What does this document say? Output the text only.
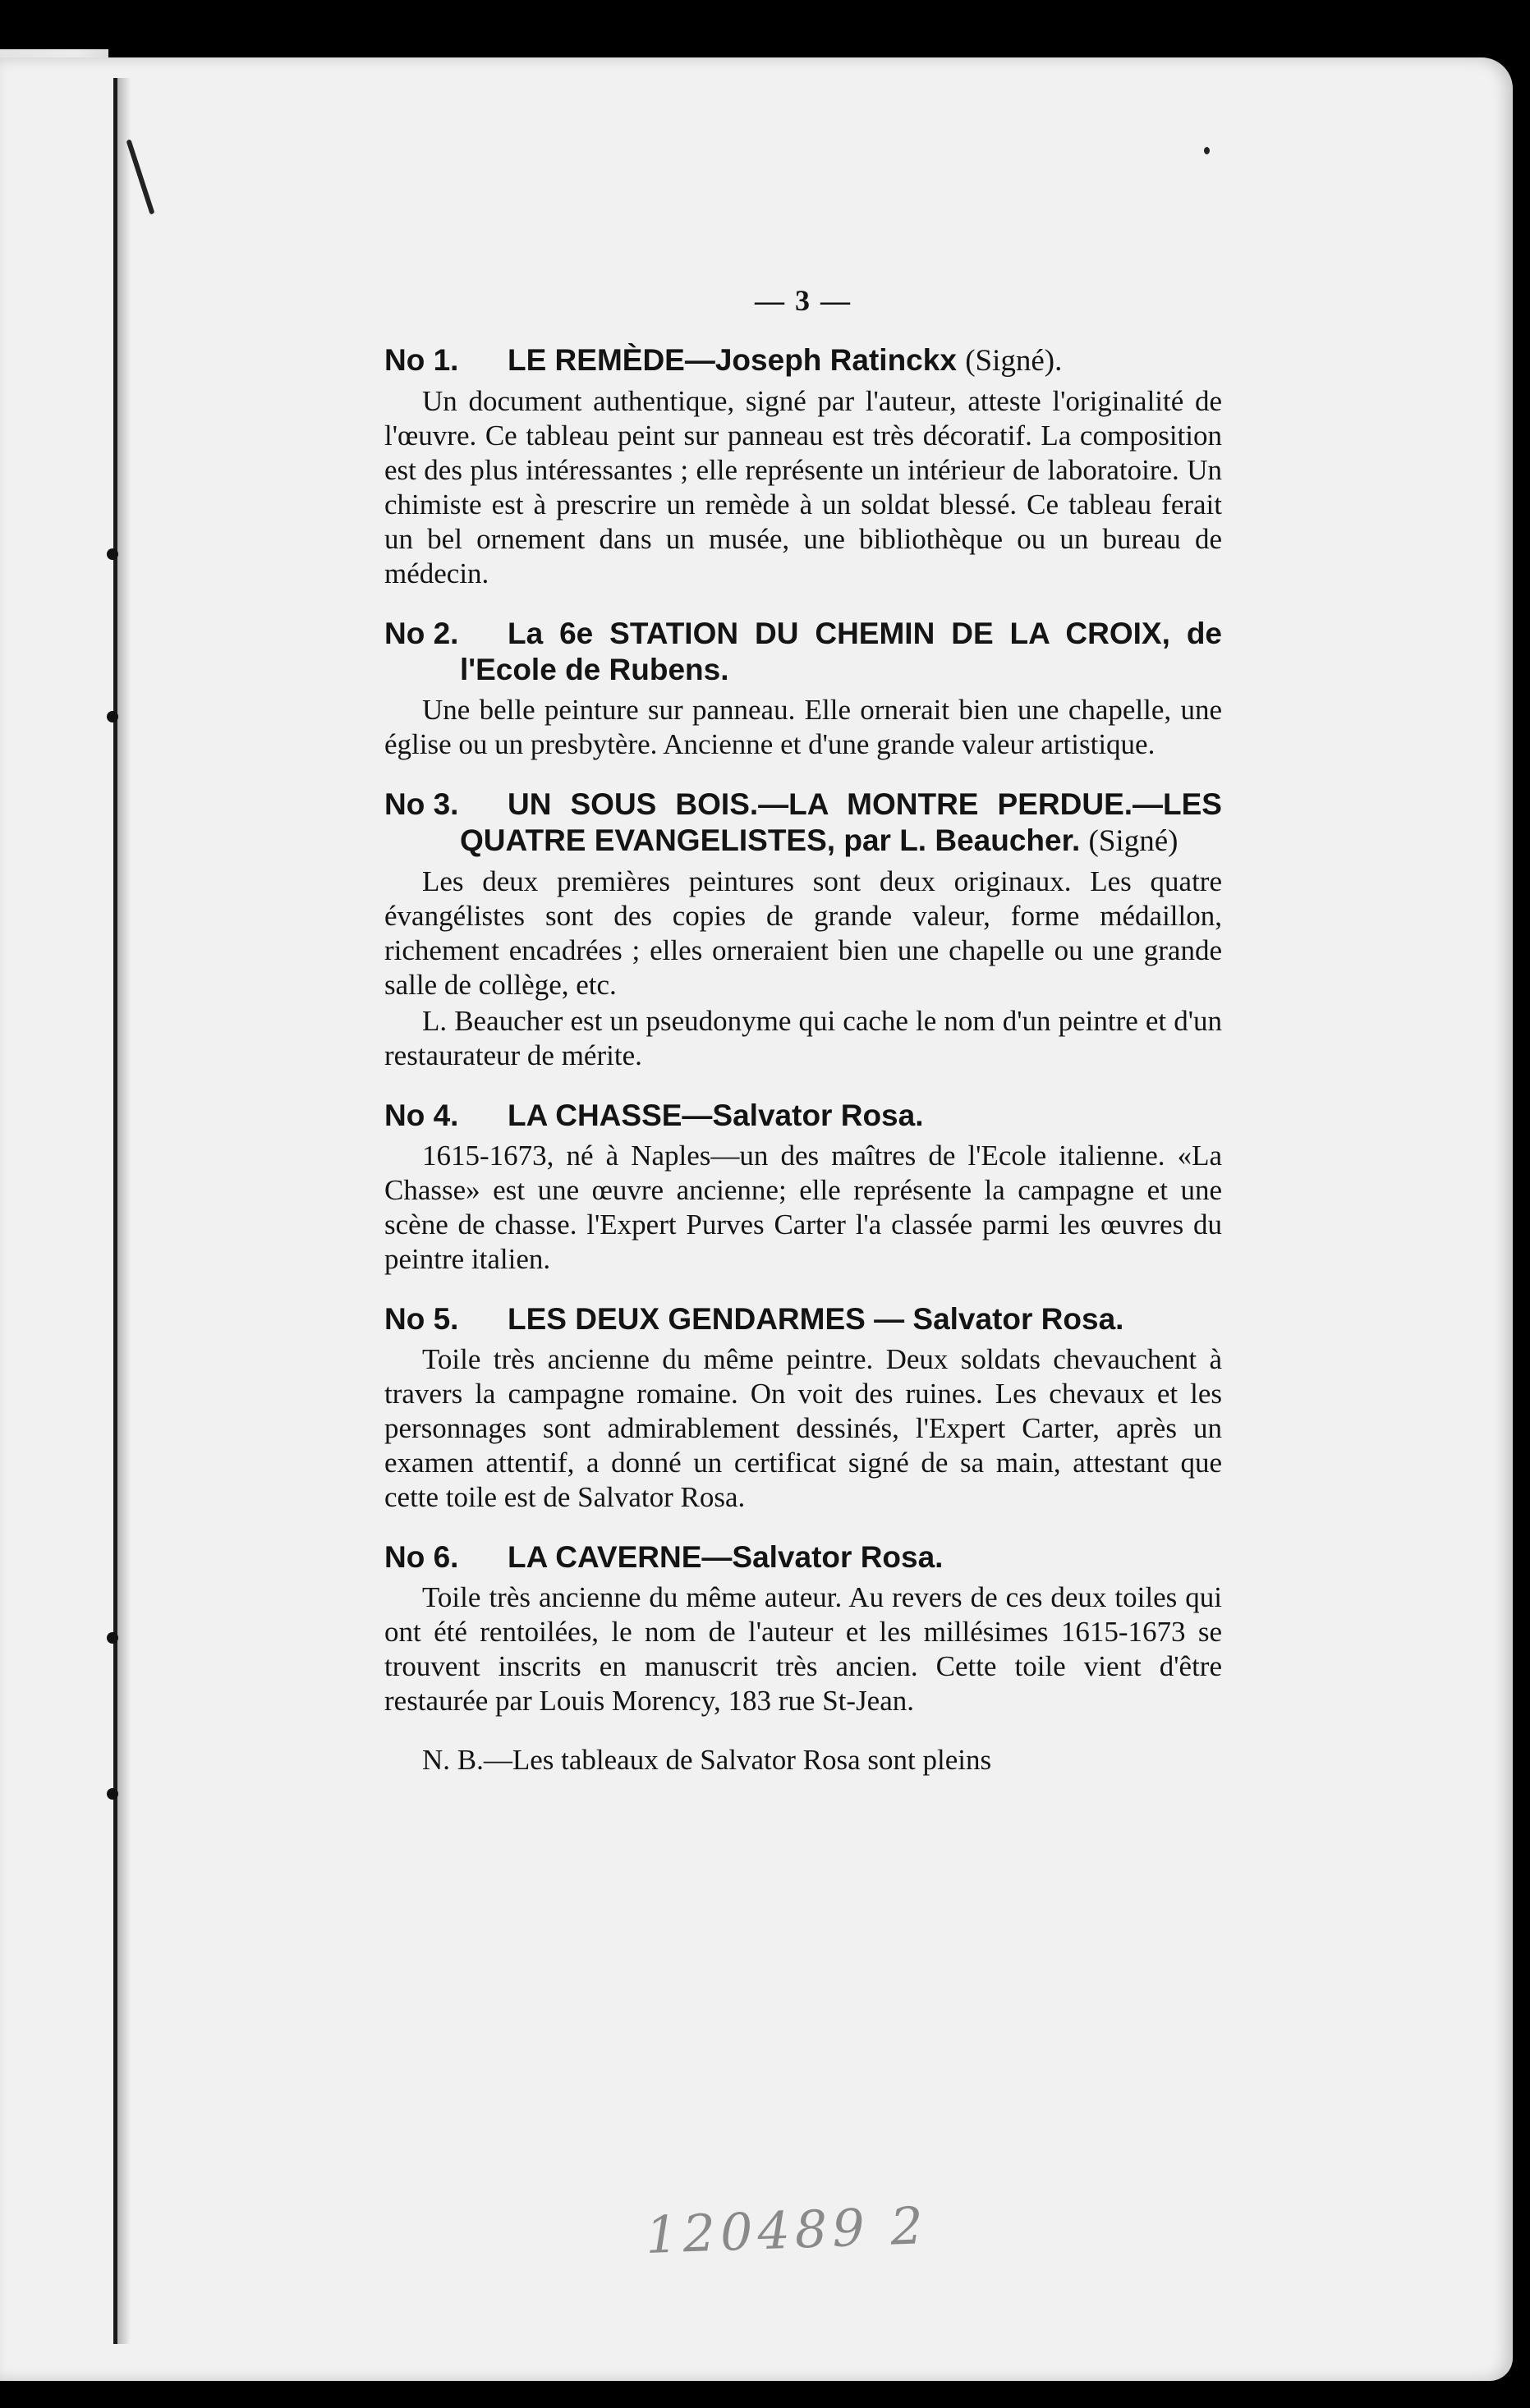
— 3 —

No 1. LE REMÈDE—Joseph Ratinckx (Signé).

Un document authentique, signé par l'auteur, atteste l'originalité de l'œuvre. Ce tableau peint sur panneau est très décoratif. La composition est des plus intéressantes ; elle représente un intérieur de laboratoire. Un chimiste est à prescrire un remède à un soldat blessé. Ce tableau ferait un bel ornement dans un musée, une bibliothèque ou un bureau de médecin.

No 2. La 6e STATION DU CHEMIN DE LA CROIX, de l'Ecole de Rubens.

Une belle peinture sur panneau. Elle ornerait bien une chapelle, une église ou un presbytère. Ancienne et d'une grande valeur artistique.

No 3. UN SOUS BOIS.—LA MONTRE PERDUE.—LES QUATRE EVANGELISTES, par L. Beaucher. (Signé)

Les deux premières peintures sont deux originaux. Les quatre évangélistes sont des copies de grande valeur, forme médaillon, richement encadrées ; elles orneraient bien une chapelle ou une grande salle de collège, etc.

L. Beaucher est un pseudonyme qui cache le nom d'un peintre et d'un restaurateur de mérite.

No 4. LA CHASSE—Salvator Rosa.

1615-1673, né à Naples—un des maîtres de l'Ecole italienne. «La Chasse» est une œuvre ancienne; elle représente la campagne et une scène de chasse. l'Expert Purves Carter l'a classée parmi les œuvres du peintre italien.

No 5. LES DEUX GENDARMES — Salvator Rosa.

Toile très ancienne du même peintre. Deux soldats chevauchent à travers la campagne romaine. On voit des ruines. Les chevaux et les personnages sont admirablement dessinés, l'Expert Carter, après un examen attentif, a donné un certificat signé de sa main, attestant que cette toile est de Salvator Rosa.

No 6. LA CAVERNE—Salvator Rosa.

Toile très ancienne du même auteur. Au revers de ces deux toiles qui ont été rentoilées, le nom de l'auteur et les millésimes 1615-1673 se trouvent inscrits en manuscrit très ancien. Cette toile vient d'être restaurée par Louis Morency, 183 rue St-Jean.

N. B.—Les tableaux de Salvator Rosa sont pleins

120489 2
